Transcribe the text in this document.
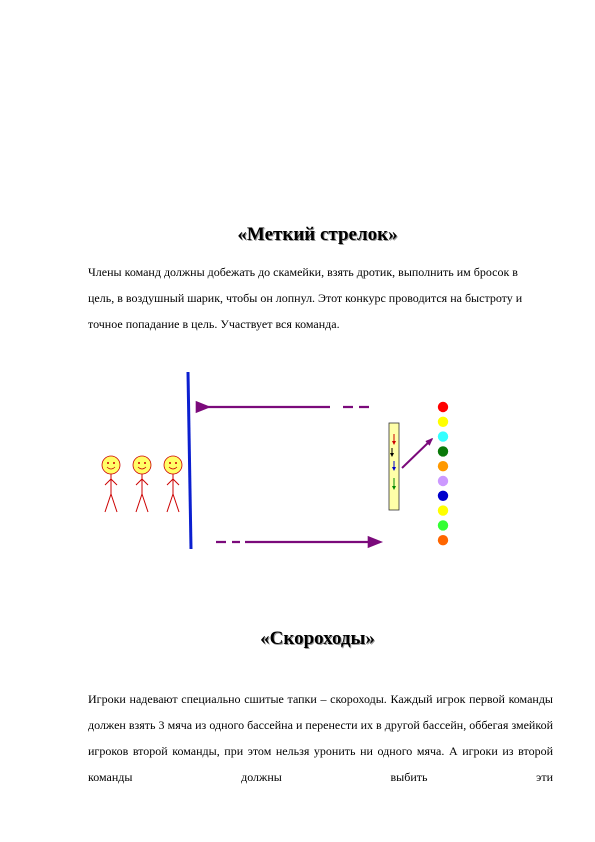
«Меткий стрелок»

Члены команд должны добежать до скамейки, взять дротик, выполнить им бросок в цель, в воздушный шарик, чтобы он лопнул. Этот конкурс проводится на быстроту и точное попадание в цель. Участвует вся команда.

«Скороходы»

Игроки надевают специально сшитые тапки – скороходы. Каждый игрок первой команды должен взять 3 мяча из одного бассейна и перенести их в другой бассейн, оббегая змейкой игроков второй команды, при этом нельзя уронить ни одного мяча. А игроки из второй команды должны выбить эти
